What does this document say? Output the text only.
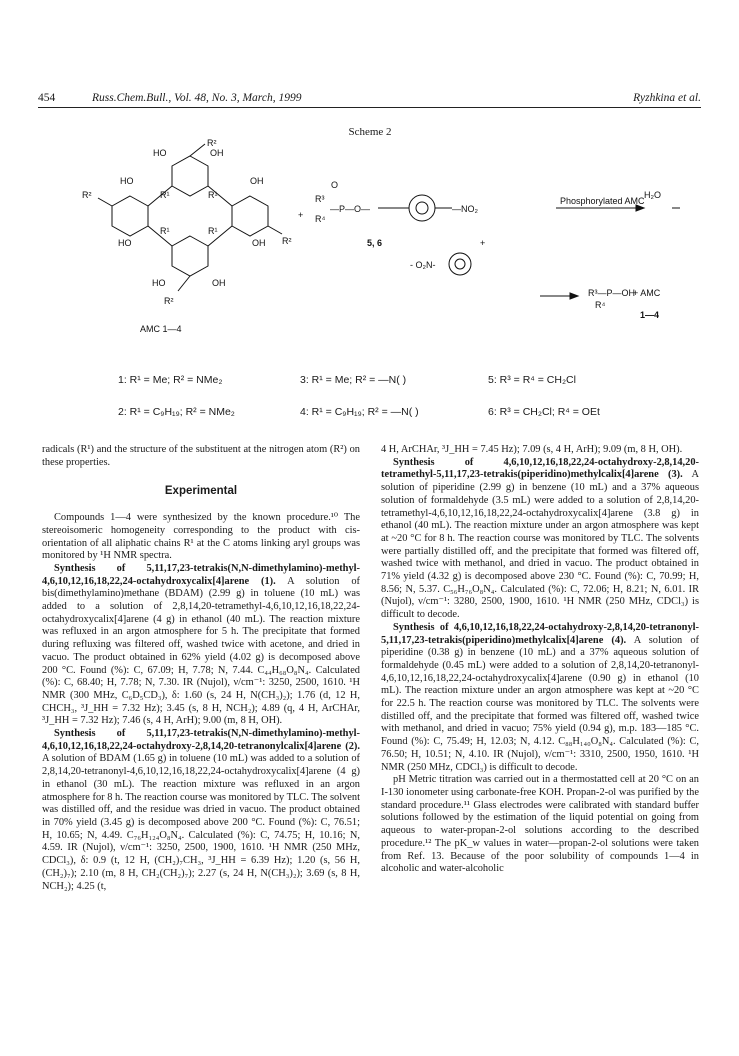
454	Russ.Chem.Bull., Vol. 48, No. 3, March, 1999	Ryzhkina et al.
Scheme 2
R²
HO	OH
HO	OH
R²	R¹	R¹
R¹	R¹
R²
HO	OH
HO	OH
R²
AMC 1—4
+
R³
O
—P—O—
R⁴
—NO₂
+
R³—P—OH
R⁴
5, 6
Phosphorylated AMC
H₂O
- O₂N-
+ AMC
1—4
1: R¹ = Me; R² = NMe₂	3: R¹ = Me; R² = —N( )	5: R³ = R⁴ = CH₂Cl
2: R¹ = C₉H₁₉; R² = NMe₂	4: R¹ = C₉H₁₉; R² = —N( )	6: R³ = CH₂Cl; R⁴ = OEt

radicals (R¹) and the structure of the substituent at the nitrogen atom (R²) on these properties.

Experimental

Compounds 1—4 were synthesized by the known procedure.¹⁰ The stereoisomeric homogeneity corresponding to the product with cis-orientation of all aliphatic chains R¹ at the C atoms linking aryl groups was monitored by ¹H NMR spectra.

Synthesis of 5,11,17,23-tetrakis(N,N-dimethylamino)-methyl-4,6,10,12,16,18,22,24-octahydroxycalix[4]arene (1). A solution of bis(dimethylamino)methane (BDAM) (2.99 g) in toluene (10 mL) was added to a solution of 2,8,14,20-tetramethyl-4,6,10,12,16,18,22,24-octahydroxycalix[4]arene (4 g) in ethanol (40 mL). The reaction mixture was refluxed in an argon atmosphere for 5 h. The precipitate that formed during refluxing was filtered off, washed twice with acetone, and dried in vacuo. The product obtained in 62% yield (4.02 g) is decomposed above 200 °C. Found (%): C, 67.09; H, 7.78; N, 7.44. C₄₄H₆₈O₈N₄. Calculated (%): C, 68.40; H, 7.78; N, 7.30. IR (Nujol), ν/cm⁻¹: 3250, 2500, 1610. ¹H NMR (300 MHz, C₆D₅CD₃), δ: 1.60 (s, 24 H, N(CH₃)₂); 1.76 (d, 12 H, CHCH₃, ³J_HH = 7.32 Hz); 3.45 (s, 8 H, NCH₂); 4.89 (q, 4 H, ArCHAr, ³J_HH = 7.32 Hz); 7.46 (s, 4 H, ArH); 9.00 (m, 8 H, OH).

Synthesis of 5,11,17,23-tetrakis(N,N-dimethylamino)-methyl-4,6,10,12,16,18,22,24-octahydroxy-2,8,14,20-tetranonylcalix[4]arene (2). A solution of BDAM (1.65 g) in toluene (10 mL) was added to a solution of 2,8,14,20-tetranonyl-4,6,10,12,16,18,22,24-octahydroxycalix[4]arene (4 g) in ethanol (30 mL). The reaction mixture was refluxed in an argon atmosphere for 8 h. The reaction course was monitored by TLC. The solvent was distilled off, and the residue was dried in vacuo. The product obtained in 70% yield (3.45 g) is decomposed above 200 °C. Found (%): C, 76.51; H, 10.65; N, 4.49. C₇₆H₁₂₄O₈N₄. Calculated (%): C, 74.75; H, 10.16; N, 4.59. IR (Nujol), ν/cm⁻¹: 3250, 2500, 1900, 1610. ¹H NMR (250 MHz, CDCl₃), δ: 0.9 (t, 12 H, (CH₂)₇CH₃, ³J_HH = 6.39 Hz); 1.20 (s, 56 H, (CH₂)₇); 2.10 (m, 8 H, CH₂(CH₂)₇); 2.27 (s, 24 H, N(CH₃)₂); 3.69 (s, 8 H, NCH₂); 4.25 (t,

4 H, ArCHAr, ³J_HH = 7.45 Hz); 7.09 (s, 4 H, ArH); 9.09 (m, 8 H, OH).

Synthesis of 4,6,10,12,16,18,22,24-octahydroxy-2,8,14,20-tetramethyl-5,11,17,23-tetrakis(piperidino)methylcalix[4]arene (3). A solution of piperidine (2.99 g) in benzene (10 mL) and a 37% aqueous solution of formaldehyde (3.5 mL) were added to a solution of 2,8,14,20-tetramethyl-4,6,10,12,16,18,22,24-octahydroxycalix[4]arene (3.8 g) in ethanol (40 mL). The reaction mixture under an argon atmosphere was kept at ~20 °C for 8 h. The reaction course was monitored by TLC. The solvents were partially distilled off, and the precipitate that formed was filtered off, washed twice with methanol, and dried in vacuo. The product obtained in 71% yield (4.32 g) is decomposed above 230 °C. Found (%): C, 70.99; H, 8.56; N, 5.37. C₅₆H₇₆O₈N₄. Calculated (%): C, 72.06; H, 8.21; N, 6.01. IR (Nujol), ν/cm⁻¹: 3280, 2500, 1900, 1610. ¹H NMR (250 MHz, CDCl₃) is difficult to decode.

Synthesis of 4,6,10,12,16,18,22,24-octahydroxy-2,8,14,20-tetranonyl-5,11,17,23-tetrakis(piperidino)methylcalix[4]arene (4). A solution of piperidine (0.38 g) in benzene (10 mL) and a 37% aqueous solution of formaldehyde (0.45 mL) were added to a solution of 2,8,14,20-tetranonyl-4,6,10,12,16,18,22,24-octahydroxycalix[4]arene (0.90 g) in ethanol (10 mL). The reaction mixture under an argon atmosphere was kept at ~20 °C for 22.5 h. The reaction course was monitored by TLC. The solvents were distilled off, and the precipitate that formed was filtered off, washed twice with methanol, and dried in vacuo; 75% yield (0.94 g), m.p. 183—185 °C. Found (%): C, 75.49; H, 12.03; N, 4.12. C₈₈H₁₄₀O₈N₄. Calculated (%): C, 76.50; H, 10.51; N, 4.10. IR (Nujol), ν/cm⁻¹: 3310, 2500, 1950, 1610. ¹H NMR (250 MHz, CDCl₃) is difficult to decode.

pH Metric titration was carried out in a thermostatted cell at 20 °C on an I-130 ionometer using carbonate-free KOH. Propan-2-ol was purified by the standard procedure.¹¹ Glass electrodes were calibrated with standard buffer solutions followed by the estimation of the liquid potential on going from aqueous to water-propan-2-ol solutions according to the described procedure.¹² The pK_w values in water—propan-2-ol solutions were taken from Ref. 13. Because of the poor solubility of compounds 1—4 in alcoholic and water-alcoholic
